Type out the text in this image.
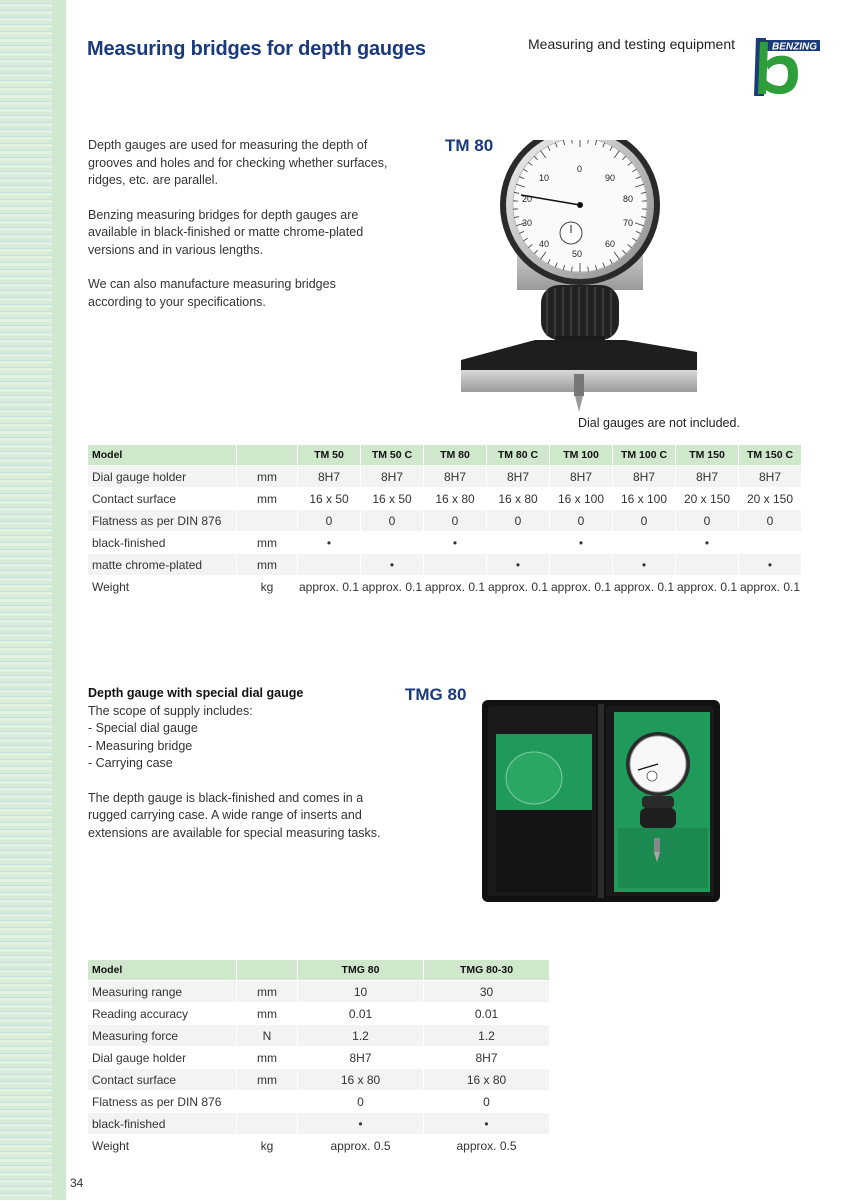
Measuring bridges for depth gauges	Measuring and testing equipment	BENZING

Depth gauges are used for measuring the depth of grooves and holes and for checking whether surfaces, ridges, etc. are parallel.

Benzing measuring bridges for depth gauges are available in black-finished or matte chrome-plated versions and in various lengths.

We can also manufacture measuring bridges according to your specifications.

TM 80
0
10
20
30
40
50
60
70
80
90
Dial gauges are not included.
Model		TM 50	TM 50 C	TM 80	TM 80 C	TM 100	TM 100 C	TM 150	TM 150 C
Dial gauge holder	mm	8H7	8H7	8H7	8H7	8H7	8H7	8H7	8H7
Contact surface	mm	16 x 50	16 x 50	16 x 80	16 x 80	16 x 100	16 x 100	20 x 150	20 x 150
Flatness as per DIN 876		0	0	0	0	0	0	0	0
black-finished	mm	•		•		•		•	
matte chrome-plated	mm		•		•		•		•
Weight	kg	approx. 0.1	approx. 0.1	approx. 0.1	approx. 0.1	approx. 0.1	approx. 0.1	approx. 0.1	approx. 0.1
Depth gauge with special dial gauge
The scope of supply includes:
- Special dial gauge
- Measuring bridge
- Carrying case

The depth gauge is black-finished and comes in a rugged carrying case. A wide range of inserts and extensions are available for special measuring tasks.

TMG 80
Model		TMG 80	TMG 80-30
Measuring range	mm	10	30
Reading accuracy	mm	0.01	0.01
Measuring force	N	1.2	1.2
Dial gauge holder	mm	8H7	8H7
Contact surface	mm	16 x 80	16 x 80
Flatness as per DIN 876		0	0
black-finished		•	•
Weight	kg	approx. 0.5	approx. 0.5
34
